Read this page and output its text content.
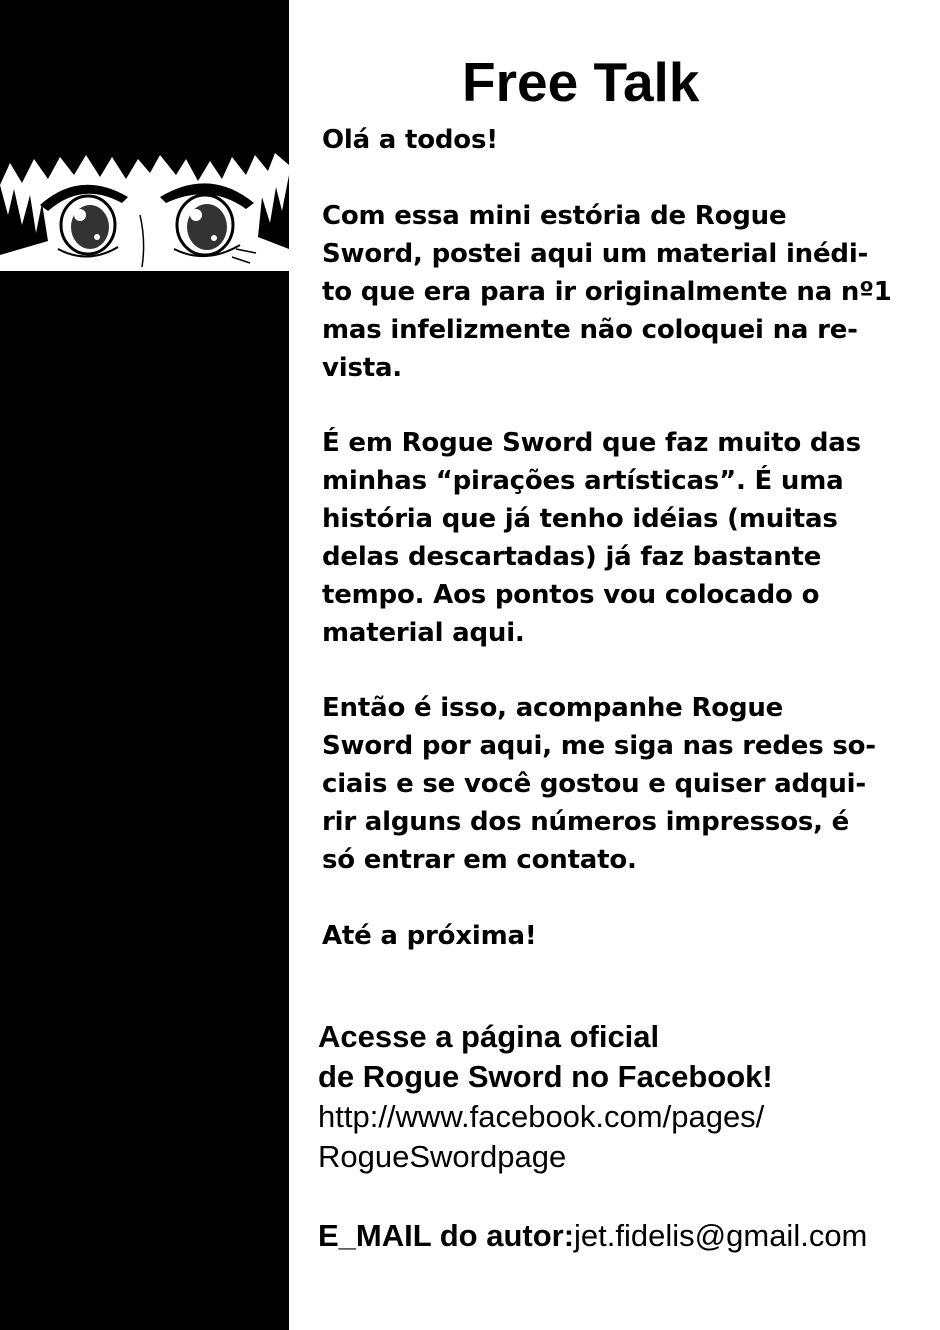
Free Talk

Olá a todos!

Com essa mini estória de Rogue
Sword, postei aqui um material inédi-
to que era para ir originalmente na nº1
mas infelizmente não coloquei na re-
vista.

É em Rogue Sword que faz muito das
minhas “pirações artísticas”. É uma
história que já tenho idéias (muitas
delas descartadas) já faz bastante
tempo. Aos pontos vou colocado o
material aqui.

Então é isso, acompanhe Rogue
Sword por aqui, me siga nas redes so-
ciais e se você gostou e quiser adqui-
rir alguns dos números impressos, é
só entrar em contato.

Até a próxima!

Acesse a página oficial
de Rogue Sword no Facebook!
http://www.facebook.com/pages/
RogueSwordpage
E_MAIL do autor:jet.fidelis@gmail.com
